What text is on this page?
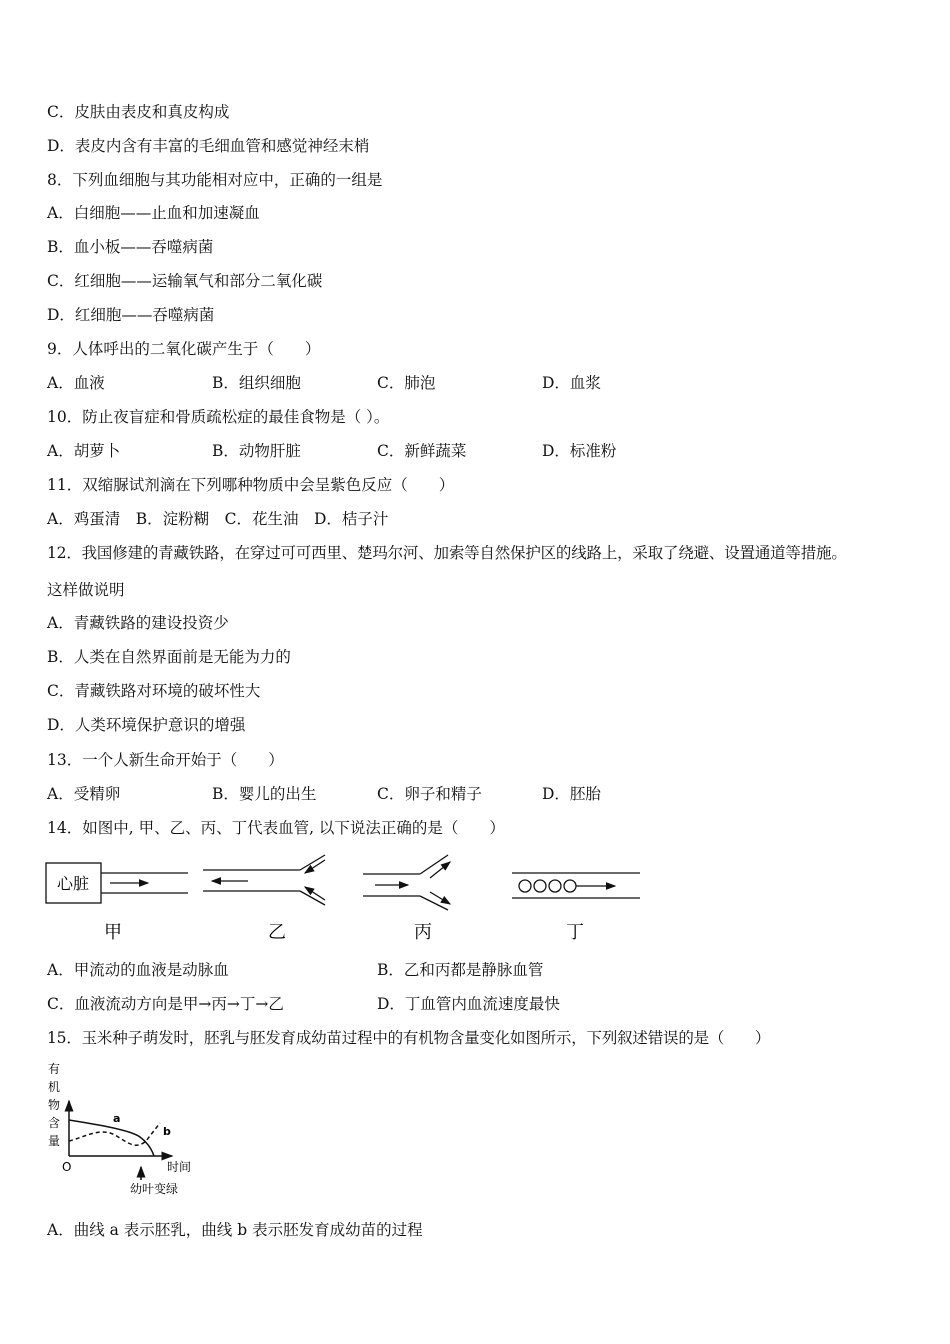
C．皮肤由表皮和真皮构成
D．表皮内含有丰富的毛细血管和感觉神经末梢
8．下列血细胞与其功能相对应中，正确的一组是
A．白细胞——止血和加速凝血
B．血小板——吞噬病菌
C．红细胞——运输氧气和部分二氧化碳
D．红细胞——吞噬病菌
9．人体呼出的二氧化碳产生于（　　）
A．血液	B．组织细胞	C．肺泡	D．血浆
10．防止夜盲症和骨质疏松症的最佳食物是（ ）。
A．胡萝卜	B．动物肝脏	C．新鲜蔬菜	D．标准粉
11．双缩脲试剂滴在下列哪种物质中会呈紫色反应（　　）
A．鸡蛋清　B．淀粉糊　C．花生油　D．桔子汁
12．我国修建的青藏铁路，在穿过可可西里、楚玛尔河、加索等自然保护区的线路上，采取了绕避、设置通道等措施。
这样做说明
A．青藏铁路的建设投资少
B．人类在自然界面前是无能为力的
C．青藏铁路对环境的破坏性大
D．人类环境保护意识的增强
13．一个人新生命开始于（　　）
A．受精卵	B．婴儿的出生	C．卵子和精子	D．胚胎
14．如图中, 甲、乙、丙、丁代表血管, 以下说法正确的是（　　）
心脏
甲	乙	丙	丁
A．甲流动的血液是动脉血	B．乙和丙都是静脉血管
C．血液流动方向是甲→丙→丁→乙	D．丁血管内血流速度最快
15．玉米种子萌发时，胚乳与胚发育成幼苗过程中的有机物含量变化如图所示，下列叙述错误的是（　　）
有
机
物
含
量
O	时间
a
b
幼叶变绿
A．曲线 a 表示胚乳，曲线 b 表示胚发育成幼苗的过程
